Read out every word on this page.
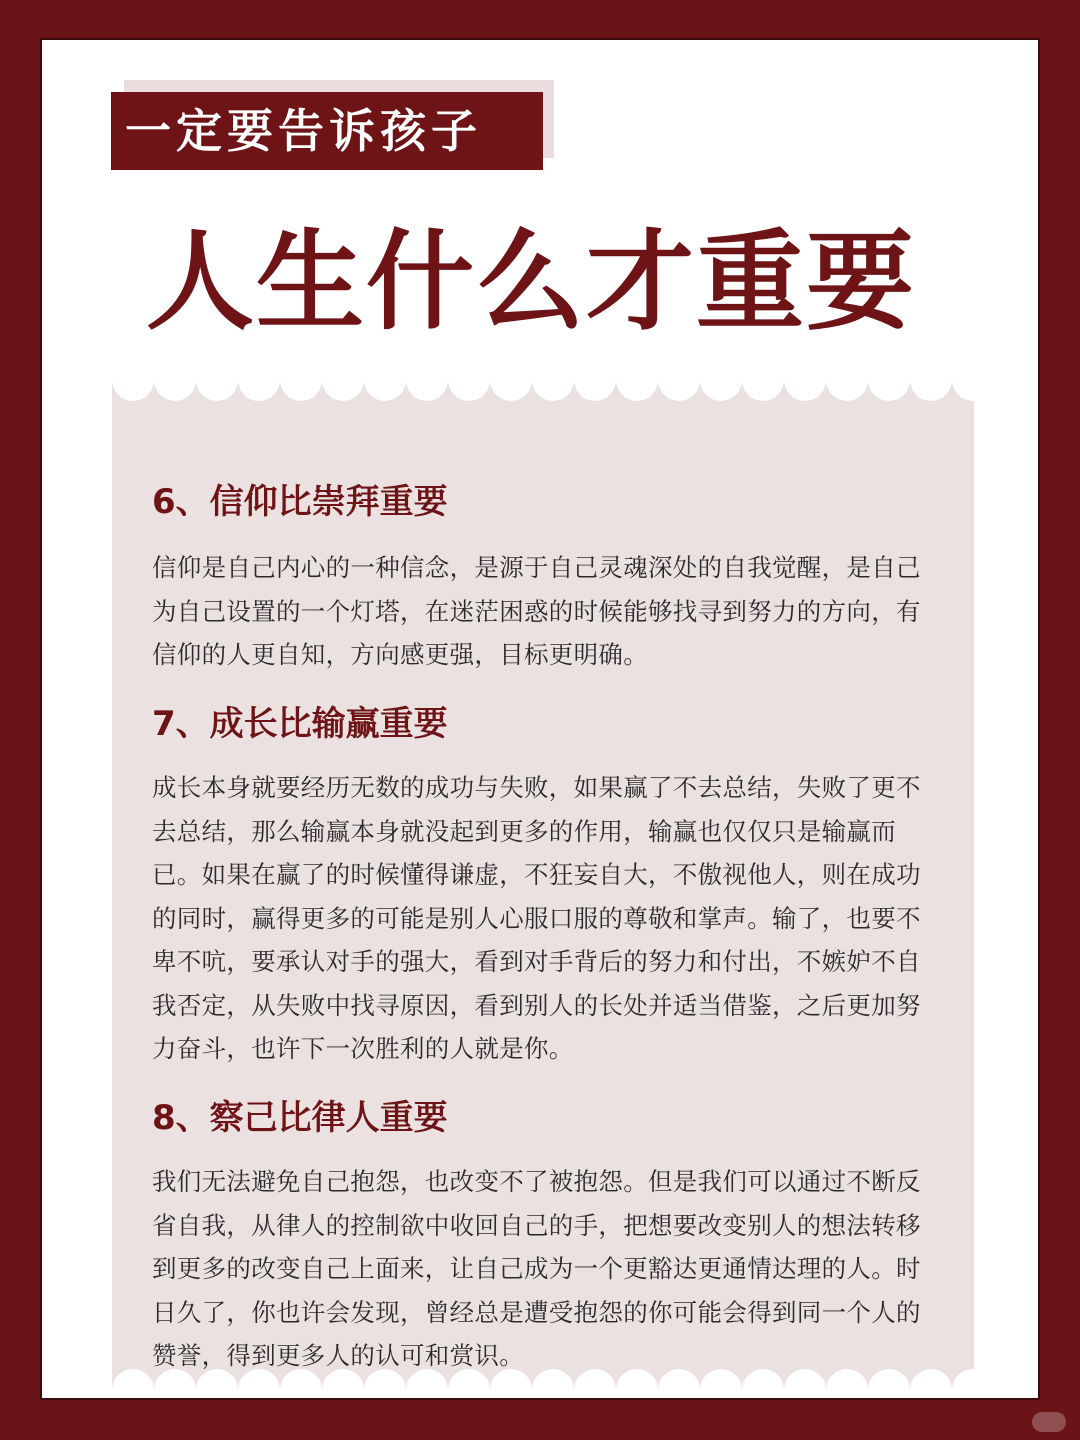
一定要告诉孩子
人生什么才重要
6、信仰比崇拜重要
信仰是自己内心的一种信念，是源于自己灵魂深处的自我觉醒，是自己为自己设置的一个灯塔，在迷茫困惑的时候能够找寻到努力的方向，有信仰的人更自知，方向感更强，目标更明确。
7、成长比输赢重要
成长本身就要经历无数的成功与失败，如果赢了不去总结，失败了更不去总结，那么输赢本身就没起到更多的作用，输赢也仅仅只是输赢而已。如果在赢了的时候懂得谦虚，不狂妄自大，不傲视他人，则在成功的同时，赢得更多的可能是别人心服口服的尊敬和掌声。输了，也要不卑不吭，要承认对手的强大，看到对手背后的努力和付出，不嫉妒不自我否定，从失败中找寻原因，看到别人的长处并适当借鉴，之后更加努力奋斗，也许下一次胜利的人就是你。
8、察己比律人重要
我们无法避免自己抱怨，也改变不了被抱怨。但是我们可以通过不断反省自我，从律人的控制欲中收回自己的手，把想要改变别人的想法转移到更多的改变自己上面来，让自己成为一个更豁达更通情达理的人。时日久了，你也许会发现，曾经总是遭受抱怨的你可能会得到同一个人的赞誉，得到更多人的认可和赏识。
